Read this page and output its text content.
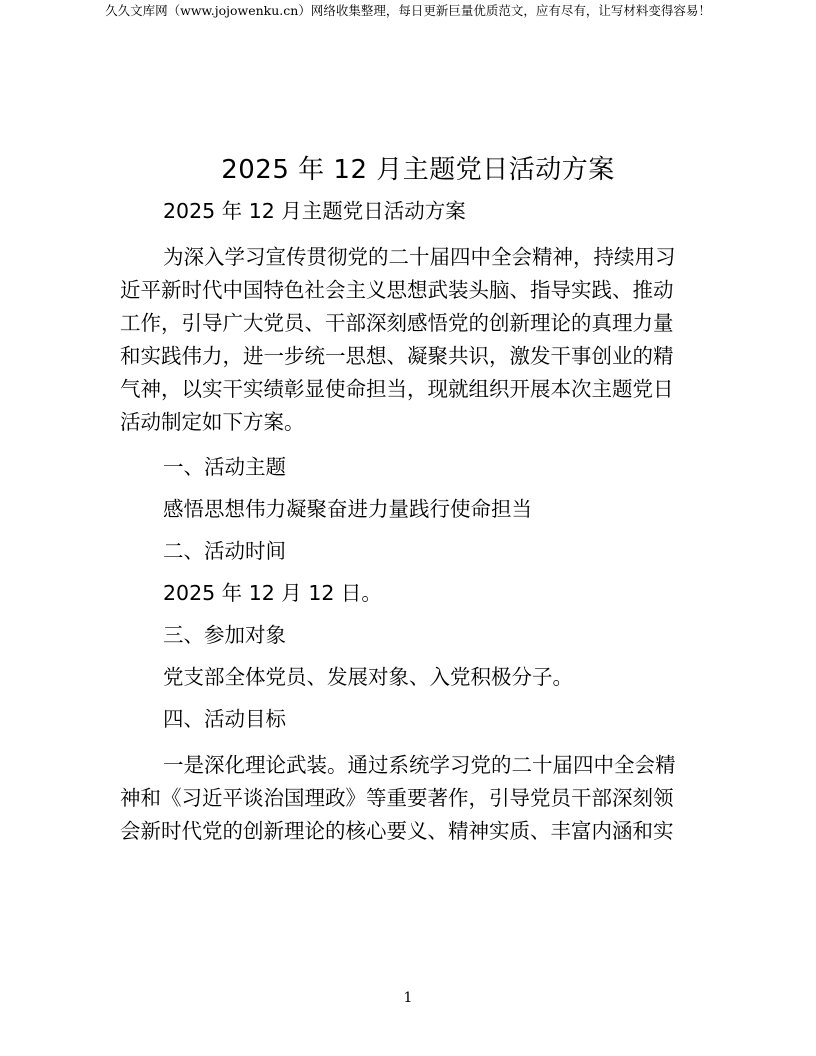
久久文库网（www.jojowenku.cn）网络收集整理，每日更新巨量优质范文，应有尽有，让写材料变得容易！
2025 年 12 月主题党日活动方案
2025 年 12 月主题党日活动方案
为深入学习宣传贯彻党的二十届四中全会精神，持续用习
近平新时代中国特色社会主义思想武装头脑、指导实践、推动
工作，引导广大党员、干部深刻感悟党的创新理论的真理力量
和实践伟力，进一步统一思想、凝聚共识，激发干事创业的精
气神，以实干实绩彰显使命担当，现就组织开展本次主题党日
活动制定如下方案。
一、活动主题
感悟思想伟力凝聚奋进力量践行使命担当
二、活动时间
2025 年 12 月 12 日。
三、参加对象
党支部全体党员、发展对象、入党积极分子。
四、活动目标
一是深化理论武装。通过系统学习党的二十届四中全会精
神和《习近平谈治国理政》等重要著作，引导党员干部深刻领
会新时代党的创新理论的核心要义、精神实质、丰富内涵和实
1
